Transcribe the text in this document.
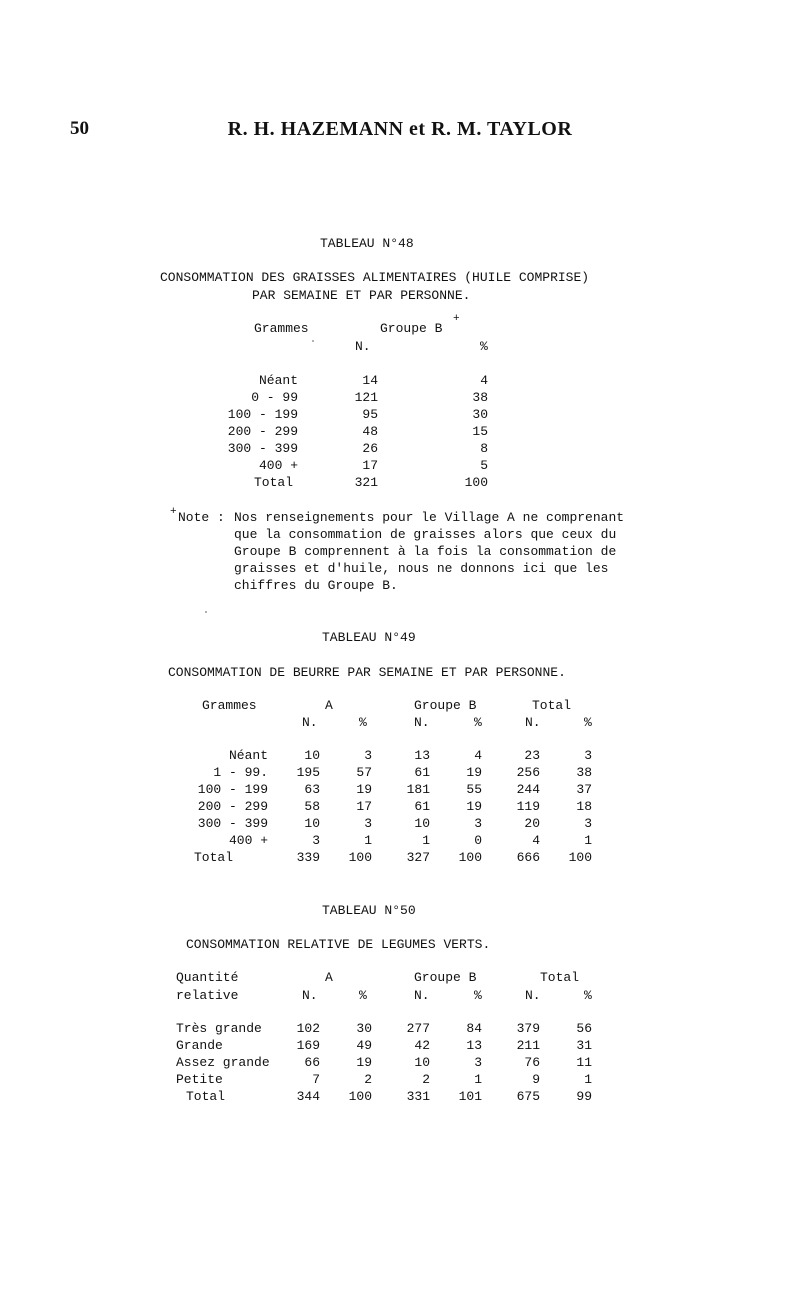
50	R. H. HAZEMANN et R. M. TAYLOR
TABLEAU N°48
CONSOMMATION DES GRAISSES ALIMENTAIRES (HUILE COMPRISE)
PAR SEMAINE ET PAR PERSONNE.
Grammes	Groupe B
+
N.	%
Néant	14	4
0 - 99	121	38
100 - 199	95	30
200 - 299	48	15
300 - 399	26	8
400 +	17	5
Total	321	100
+ Note : Nos renseignements pour le Village A ne comprenant
que la consommation de graisses alors que ceux du
Groupe B comprennent à la fois la consommation de
graisses et d'huile, nous ne donnons ici que les
chiffres du Groupe B.
TABLEAU N°49
CONSOMMATION DE BEURRE PAR SEMAINE ET PAR PERSONNE.
Grammes	A	Groupe B	Total
N.	%	N.	%	N.	%
Néant	10	3	13	4	23	3
1 - 99.	195	57	61	19	256	38
100 - 199	63	19	181	55	244	37
200 - 299	58	17	61	19	119	18
300 - 399	10	3	10	3	20	3
400 +	3	1	1	0	4	1
Total	339	100	327	100	666	100
TABLEAU N°50
CONSOMMATION RELATIVE DE LEGUMES VERTS.
Quantité
relative
A	Groupe B	Total
N.	%	N.	%	N.	%
Très grande	102	30	277	84	379	56
Grande	169	49	42	13	211	31
Assez grande	66	19	10	3	76	11
Petite	7	2	2	1	9	1
Total	344	100	331	101	675	99
